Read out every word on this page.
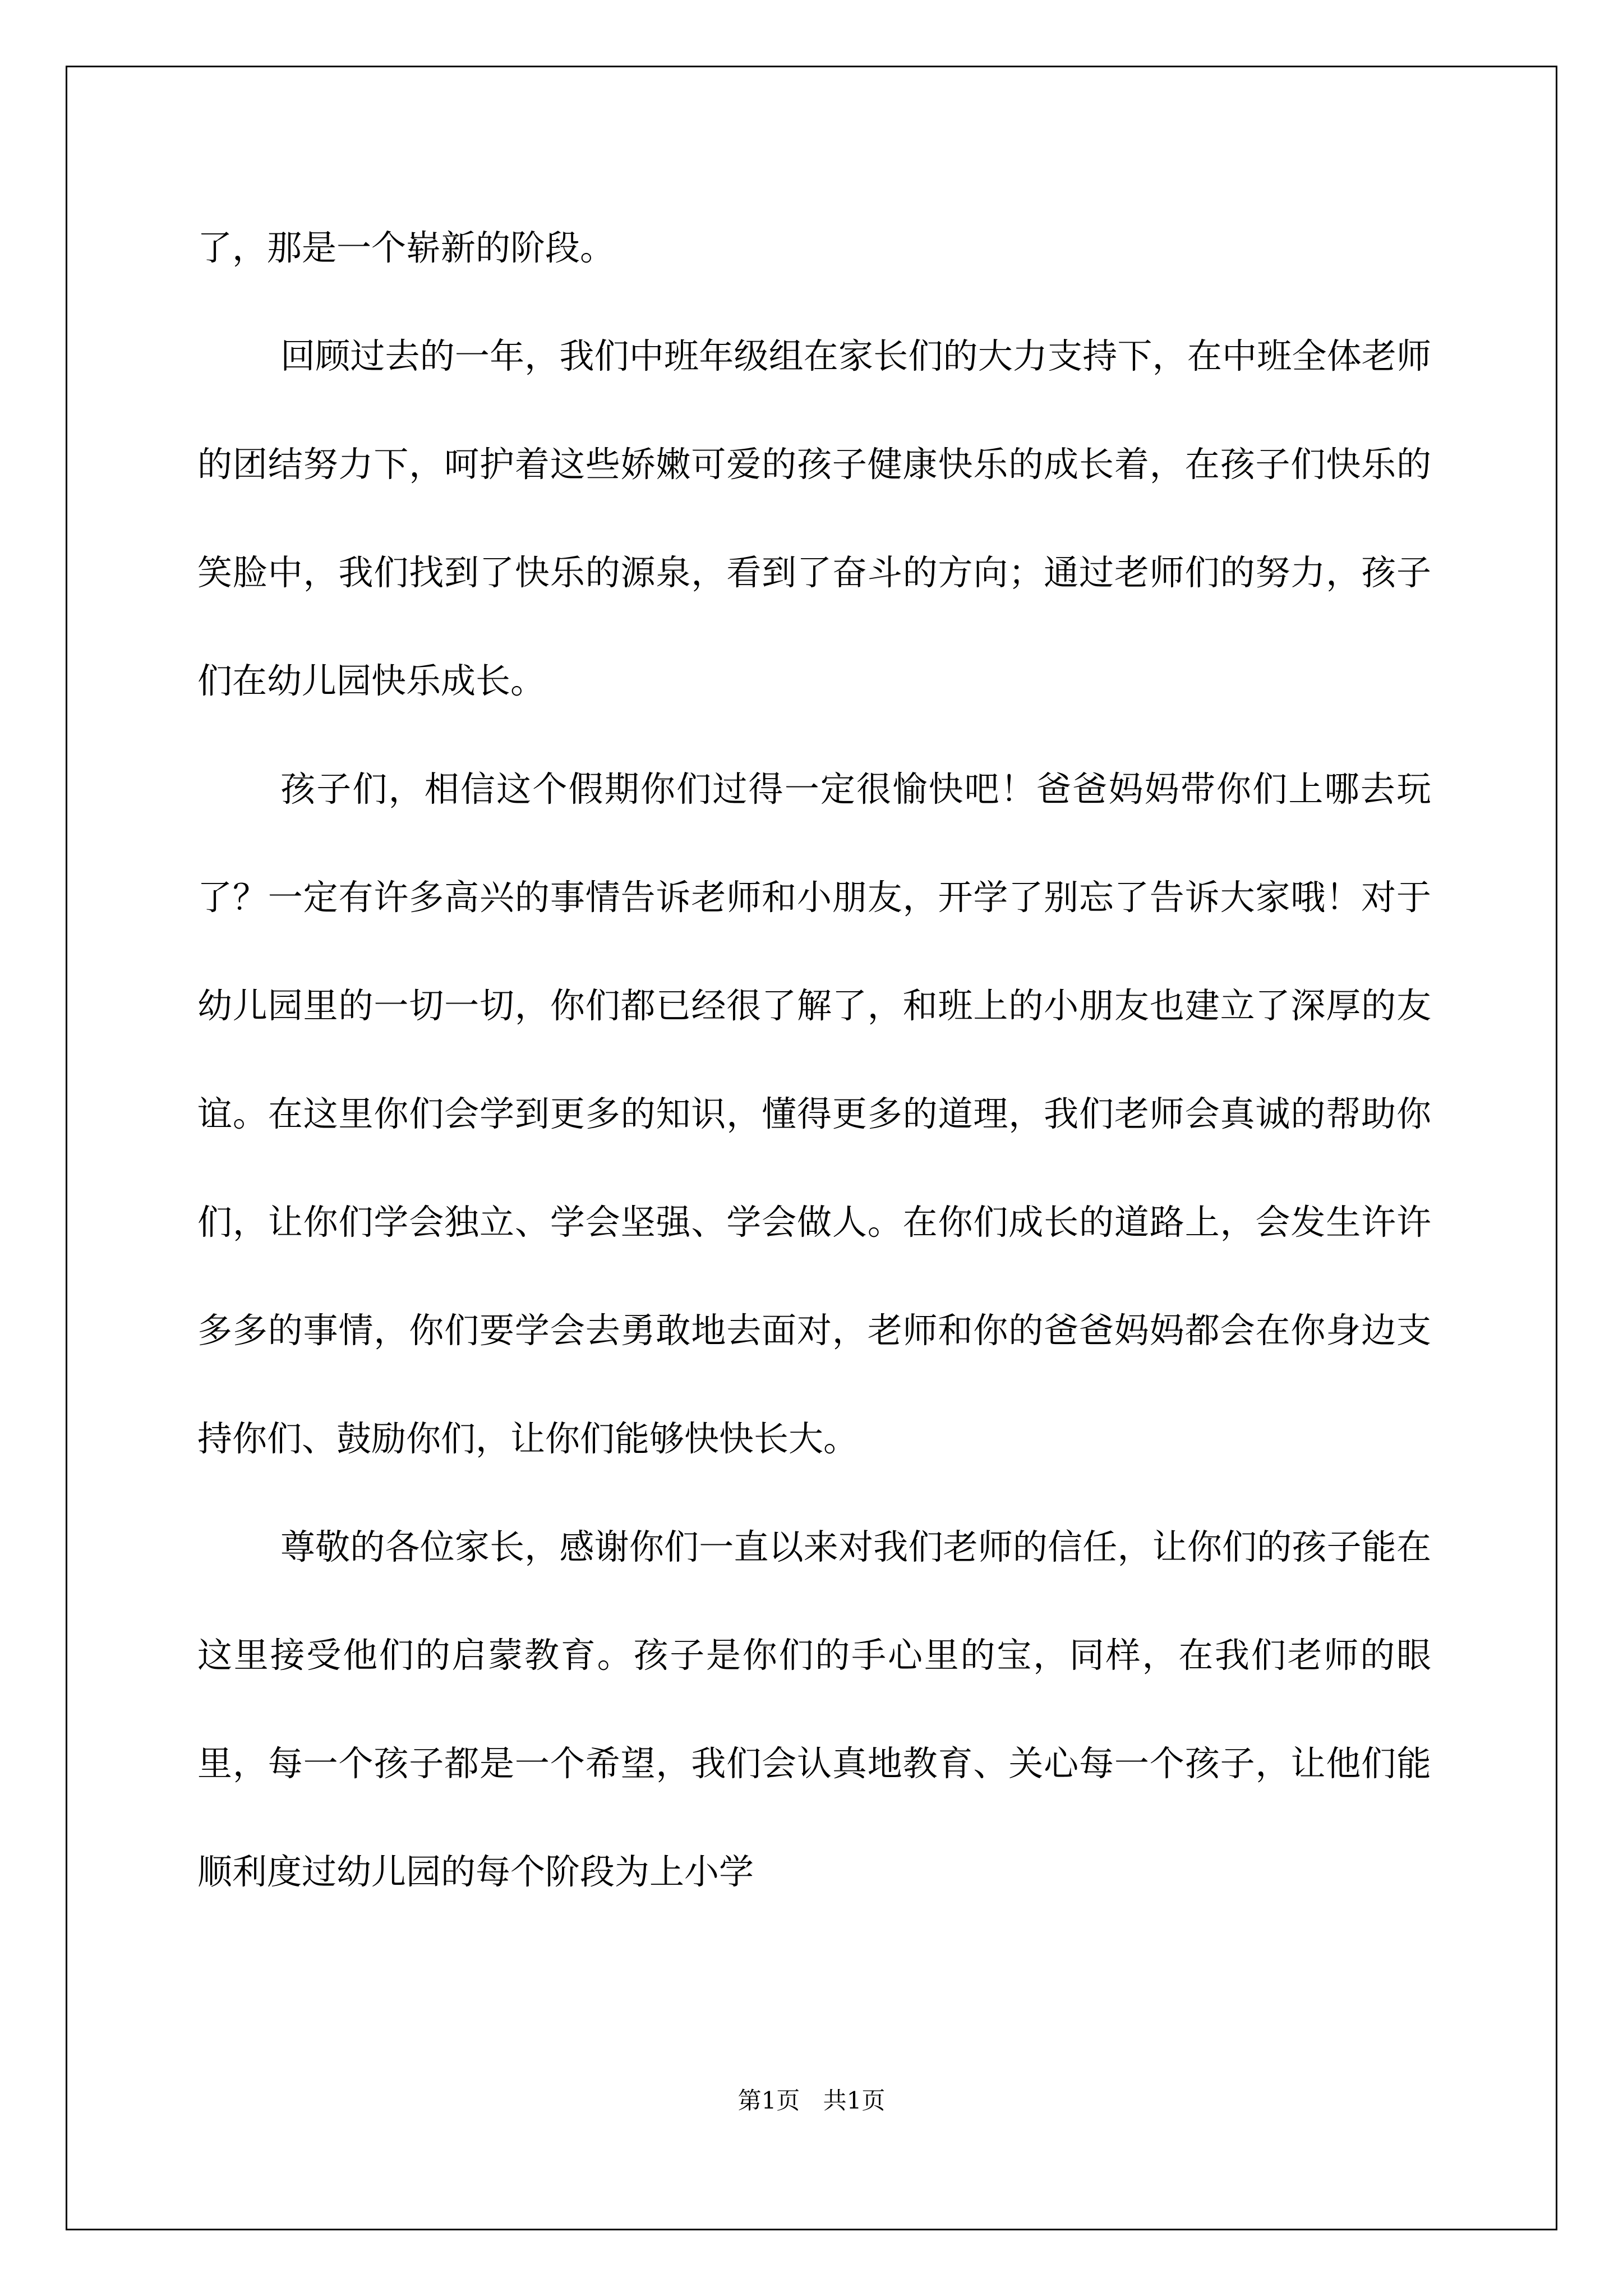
了，那是一个崭新的阶段。

回顾过去的一年，我们中班年级组在家长们的大力支持下，在中班全体老师的团结努力下，呵护着这些娇嫩可爱的孩子健康快乐的成长着，在孩子们快乐的笑脸中，我们找到了快乐的源泉，看到了奋斗的方向；通过老师们的努力，孩子们在幼儿园快乐成长。

孩子们，相信这个假期你们过得一定很愉快吧！爸爸妈妈带你们上哪去玩了？一定有许多高兴的事情告诉老师和小朋友，开学了别忘了告诉大家哦！对于幼儿园里的一切一切，你们都已经很了解了，和班上的小朋友也建立了深厚的友谊。在这里你们会学到更多的知识，懂得更多的道理，我们老师会真诚的帮助你们，让你们学会独立、学会坚强、学会做人。在你们成长的道路上，会发生许许多多的事情，你们要学会去勇敢地去面对，老师和你的爸爸妈妈都会在你身边支持你们、鼓励你们，让你们能够快快长大。

尊敬的各位家长，感谢你们一直以来对我们老师的信任，让你们的孩子能在这里接受他们的启蒙教育。孩子是你们的手心里的宝，同样，在我们老师的眼里，每一个孩子都是一个希望，我们会认真地教育、关心每一个孩子，让他们能顺利度过幼儿园的每个阶段为上小学

第1页 共1页
